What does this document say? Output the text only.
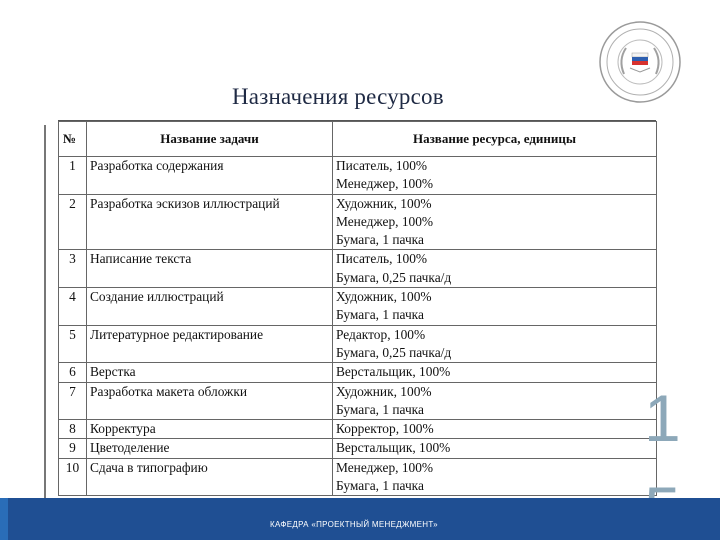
Назначения ресурсов
№	Название задачи	Название ресурса, единицы
1	Разработка содержания	Писатель, 100%
Менеджер, 100%

2	Разработка эскизов иллюстраций	Художник, 100%
Менеджер, 100%
Бумага, 1 пачка

3	Написание текста	Писатель, 100%
Бумага, 0,25 пачка/д

4	Создание иллюстраций	Художник, 100%
Бумага, 1 пачка

5	Литературное редактирование	Редактор, 100%
Бумага, 0,25 пачка/д

6	Верстка	Верстальщик, 100%

7	Разработка макета обложки	Художник, 100%
Бумага, 1 пачка

8	Корректура	Корректор, 100%

9	Цветоделение	Верстальщик, 100%

10	Сдача в типографию	Менеджер, 100%
Бумага, 1 пачка
1
КАФЕДРА «ПРОЕКТНЫЙ МЕНЕДЖМЕНТ»
